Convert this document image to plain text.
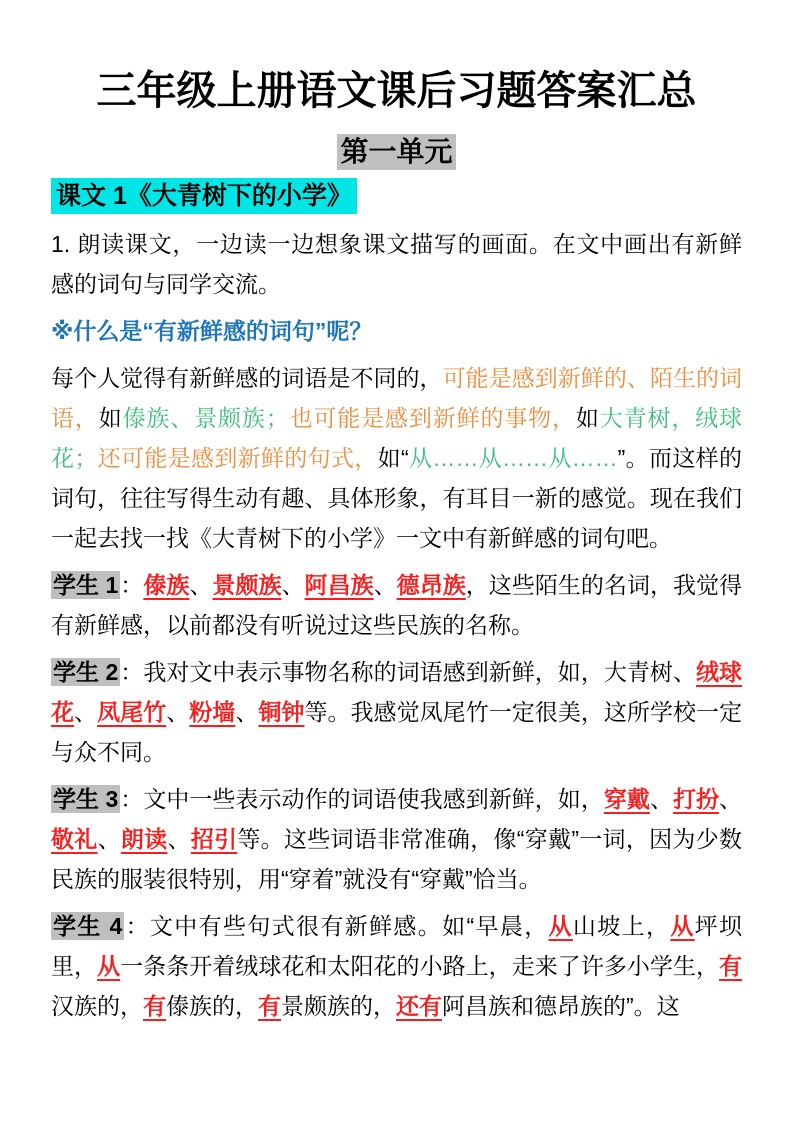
三年级上册语文课后习题答案汇总
第一单元
课文 1《大青树下的小学》

1. 朗读课文，一边读一边想象课文描写的画面。在文中画出有新鲜感的词句与同学交流。

※什么是“有新鲜感的词句”呢？

每个人觉得有新鲜感的词语是不同的，可能是感到新鲜的、陌生的词语，如傣族、景颇族；也可能是感到新鲜的事物，如大青树，绒球花；还可能是感到新鲜的句式，如“从……从……从……”。而这样的词句，往往写得生动有趣、具体形象，有耳目一新的感觉。现在我们一起去找一找《大青树下的小学》一文中有新鲜感的词句吧。

学生 1：傣族、景颇族、阿昌族、德昂族，这些陌生的名词，我觉得有新鲜感，以前都没有听说过这些民族的名称。

学生 2：我对文中表示事物名称的词语感到新鲜，如，大青树、绒球花、凤尾竹、粉墙、铜钟等。我感觉凤尾竹一定很美，这所学校一定与众不同。

学生 3：文中一些表示动作的词语使我感到新鲜，如，穿戴、打扮、敬礼、朗读、招引等。这些词语非常准确，像“穿戴”一词，因为少数民族的服装很特别，用“穿着”就没有“穿戴”恰当。

学生 4：文中有些句式很有新鲜感。如“早晨，从山坡上，从坪坝里，从一条条开着绒球花和太阳花的小路上，走来了许多小学生，有汉族的，有傣族的，有景颇族的，还有阿昌族和德昂族的”。这
